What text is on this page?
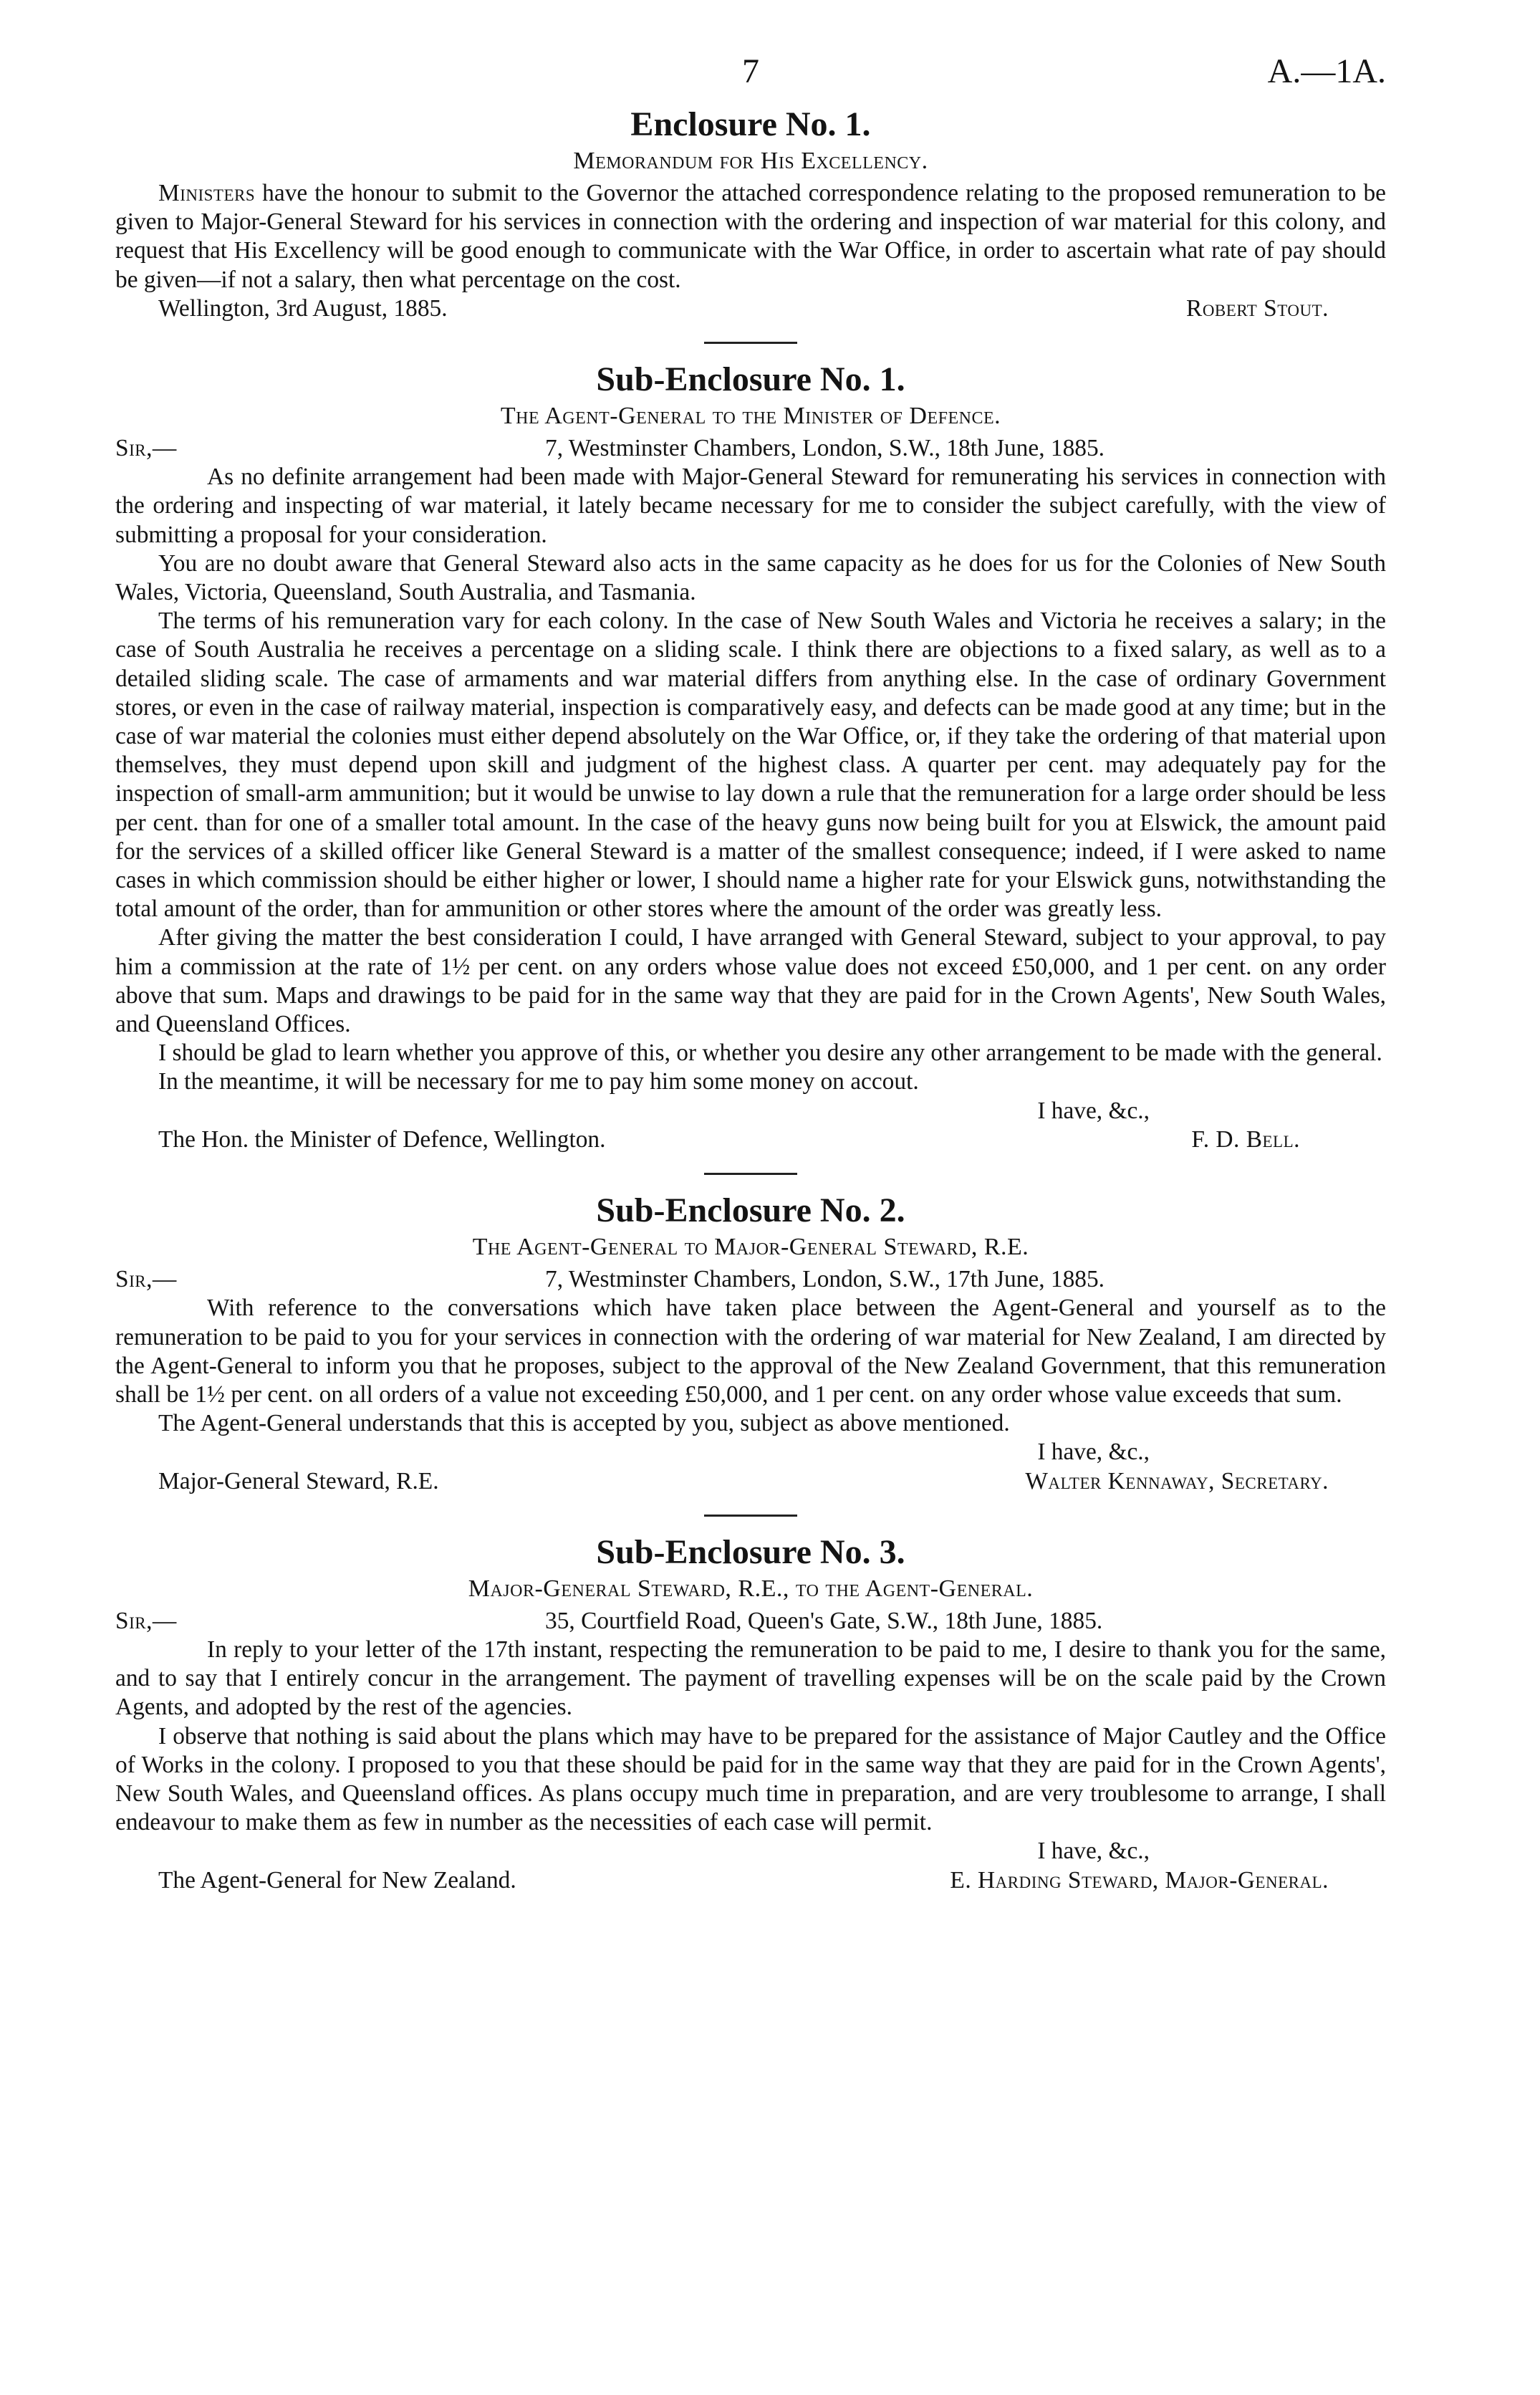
7	A.—1A.
Enclosure No. 1.
Memorandum for His Excellency.

Ministers have the honour to submit to the Governor the attached correspondence relating to the proposed remuneration to be given to Major-General Steward for his services in connection with the ordering and inspection of war material for this colony, and request that His Excellency will be good enough to communicate with the War Office, in order to ascertain what rate of pay should be given—if not a salary, then what percentage on the cost.

Wellington, 3rd August, 1885.	Robert Stout.
Sub-Enclosure No. 1.
The Agent-General to the Minister of Defence.
Sir,—	7, Westminster Chambers, London, S.W., 18th June, 1885.

As no definite arrangement had been made with Major-General Steward for remunerating his services in connection with the ordering and inspecting of war material, it lately became necessary for me to consider the subject carefully, with the view of submitting a proposal for your consideration.

You are no doubt aware that General Steward also acts in the same capacity as he does for us for the Colonies of New South Wales, Victoria, Queensland, South Australia, and Tasmania.

The terms of his remuneration vary for each colony. In the case of New South Wales and Victoria he receives a salary; in the case of South Australia he receives a percentage on a sliding scale. I think there are objections to a fixed salary, as well as to a detailed sliding scale. The case of armaments and war material differs from anything else. In the case of ordinary Government stores, or even in the case of railway material, inspection is comparatively easy, and defects can be made good at any time; but in the case of war material the colonies must either depend absolutely on the War Office, or, if they take the ordering of that material upon themselves, they must depend upon skill and judgment of the highest class. A quarter per cent. may adequately pay for the inspection of small-arm ammunition; but it would be unwise to lay down a rule that the remuneration for a large order should be less per cent. than for one of a smaller total amount. In the case of the heavy guns now being built for you at Elswick, the amount paid for the services of a skilled officer like General Steward is a matter of the smallest consequence; indeed, if I were asked to name cases in which commission should be either higher or lower, I should name a higher rate for your Elswick guns, notwithstanding the total amount of the order, than for ammunition or other stores where the amount of the order was greatly less.

After giving the matter the best consideration I could, I have arranged with General Steward, subject to your approval, to pay him a commission at the rate of 1½ per cent. on any orders whose value does not exceed £50,000, and 1 per cent. on any order above that sum. Maps and drawings to be paid for in the same way that they are paid for in the Crown Agents', New South Wales, and Queensland Offices.

I should be glad to learn whether you approve of this, or whether you desire any other arrangement to be made with the general.

In the meantime, it will be necessary for me to pay him some money on accout.

I have, &c.,
The Hon. the Minister of Defence, Wellington.	F. D. Bell.
Sub-Enclosure No. 2.
The Agent-General to Major-General Steward, R.E.
Sir,—	7, Westminster Chambers, London, S.W., 17th June, 1885.

With reference to the conversations which have taken place between the Agent-General and yourself as to the remuneration to be paid to you for your services in connection with the ordering of war material for New Zealand, I am directed by the Agent-General to inform you that he proposes, subject to the approval of the New Zealand Government, that this remuneration shall be 1½ per cent. on all orders of a value not exceeding £50,000, and 1 per cent. on any order whose value exceeds that sum.

The Agent-General understands that this is accepted by you, subject as above mentioned.

I have, &c.,
Major-General Steward, R.E.	Walter Kennaway, Secretary.
Sub-Enclosure No. 3.
Major-General Steward, R.E., to the Agent-General.
Sir,—	35, Courtfield Road, Queen's Gate, S.W., 18th June, 1885.

In reply to your letter of the 17th instant, respecting the remuneration to be paid to me, I desire to thank you for the same, and to say that I entirely concur in the arrangement. The payment of travelling expenses will be on the scale paid by the Crown Agents, and adopted by the rest of the agencies.

I observe that nothing is said about the plans which may have to be prepared for the assistance of Major Cautley and the Office of Works in the colony. I proposed to you that these should be paid for in the same way that they are paid for in the Crown Agents', New South Wales, and Queensland offices. As plans occupy much time in preparation, and are very troublesome to arrange, I shall endeavour to make them as few in number as the necessities of each case will permit.

I have, &c.,
The Agent-General for New Zealand.	E. Harding Steward, Major-General.
